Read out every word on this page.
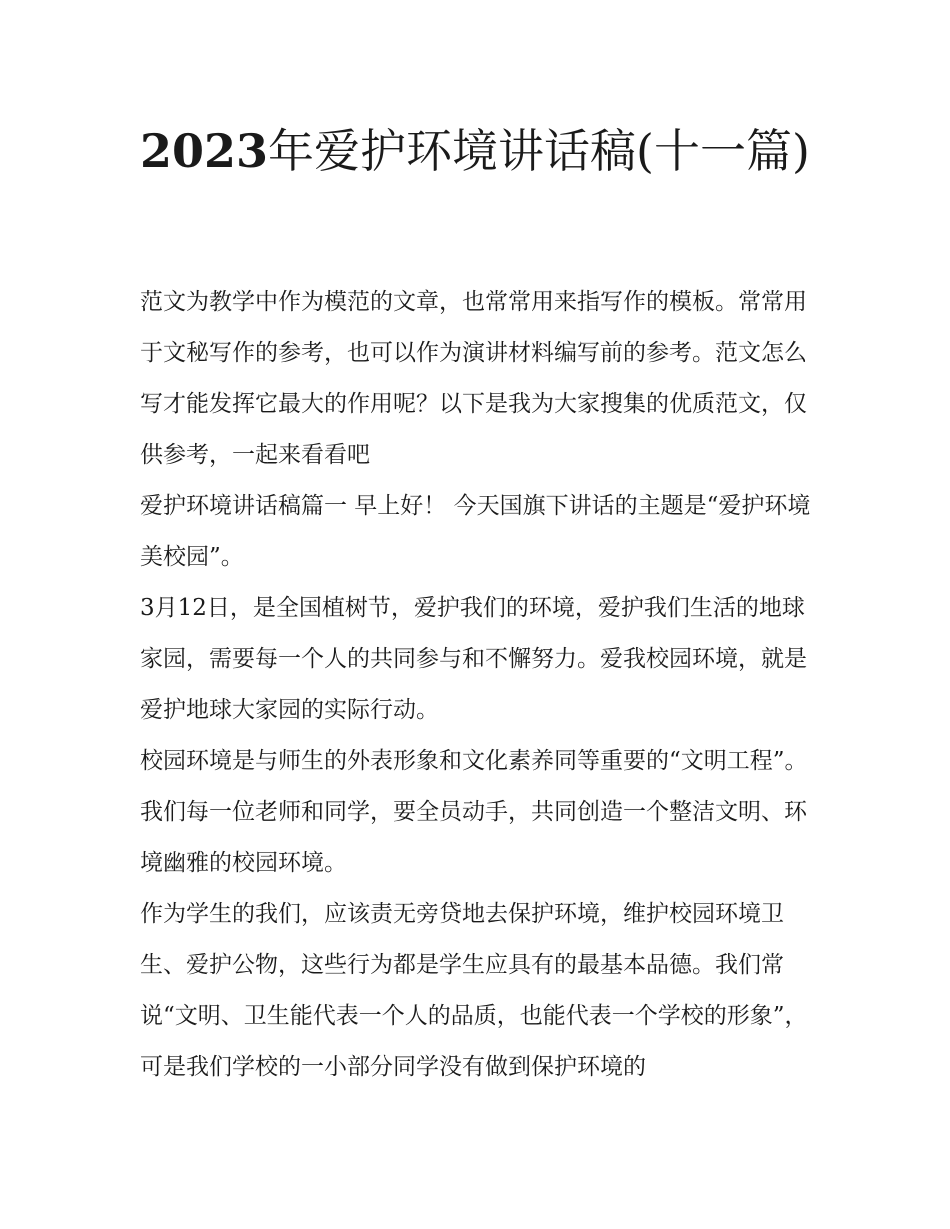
2023年爱护环境讲话稿(十一篇)

范文为教学中作为模范的文章，也常常用来指写作的模板。常常用于文秘写作的参考，也可以作为演讲材料编写前的参考。范文怎么写才能发挥它最大的作用呢？以下是我为大家搜集的优质范文，仅供参考，一起来看看吧

爱护环境讲话稿篇一 早上好！ 今天国旗下讲话的主题是“爱护环境美校园”。

3月12日，是全国植树节，爱护我们的环境，爱护我们生活的地球家园，需要每一个人的共同参与和不懈努力。爱我校园环境，就是爱护地球大家园的实际行动。

校园环境是与师生的外表形象和文化素养同等重要的“文明工程”。我们每一位老师和同学，要全员动手，共同创造一个整洁文明、环境幽雅的校园环境。

作为学生的我们，应该责无旁贷地去保护环境，维护校园环境卫生、爱护公物，这些行为都是学生应具有的最基本品德。我们常说“文明、卫生能代表一个人的品质，也能代表一个学校的形象”，可是我们学校的一小部分同学没有做到保护环境的
